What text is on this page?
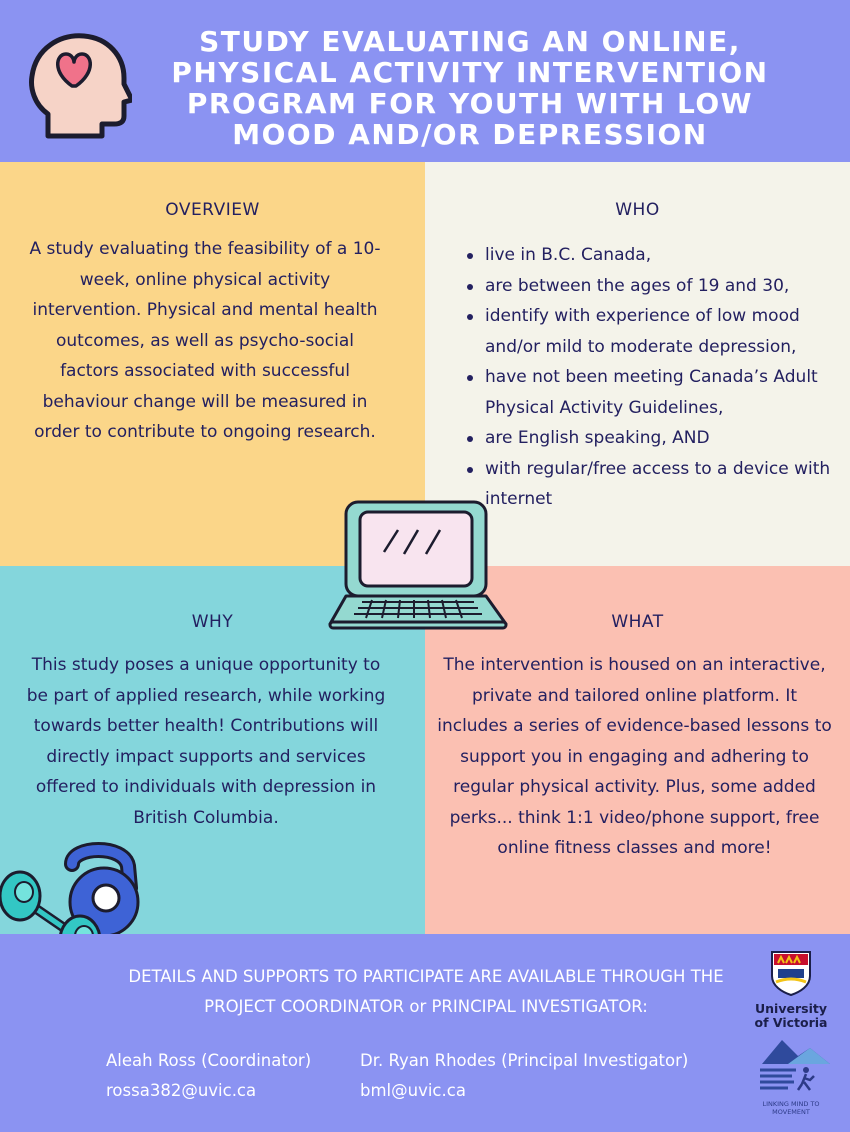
STUDY EVALUATING AN ONLINE, PHYSICAL ACTIVITY INTERVENTION PROGRAM FOR YOUTH WITH LOW MOOD AND/OR DEPRESSION
OVERVIEW
A study evaluating the feasibility of a 10-week, online physical activity intervention. Physical and mental health outcomes, as well as psycho-social factors associated with successful behaviour change will be measured in order to contribute to ongoing research.
WHO
live in B.C. Canada,
are between the ages of 19 and 30,
identify with experience of low mood and/or mild to moderate depression,
have not been meeting Canada’s Adult Physical Activity Guidelines,
are English speaking, AND
with regular/free access to a device with internet
WHY
This study poses a unique opportunity to be part of applied research, while working towards better health! Contributions will directly impact supports and services offered to individuals with depression in British Columbia.
WHAT
The intervention is housed on an interactive, private and tailored online platform. It includes a series of evidence-based lessons to support you in engaging and adhering to regular physical activity. Plus, some added perks... think 1:1 video/phone support, free online fitness classes and more!
DETAILS AND SUPPORTS TO PARTICIPATE ARE AVAILABLE THROUGH THE PROJECT COORDINATOR or PRINCIPAL INVESTIGATOR:
Aleah Ross (Coordinator)
rossa382@uvic.ca
Dr. Ryan Rhodes (Principal Investigator)
bml@uvic.ca
University of Victoria
LINKING MIND TO MOVEMENT
